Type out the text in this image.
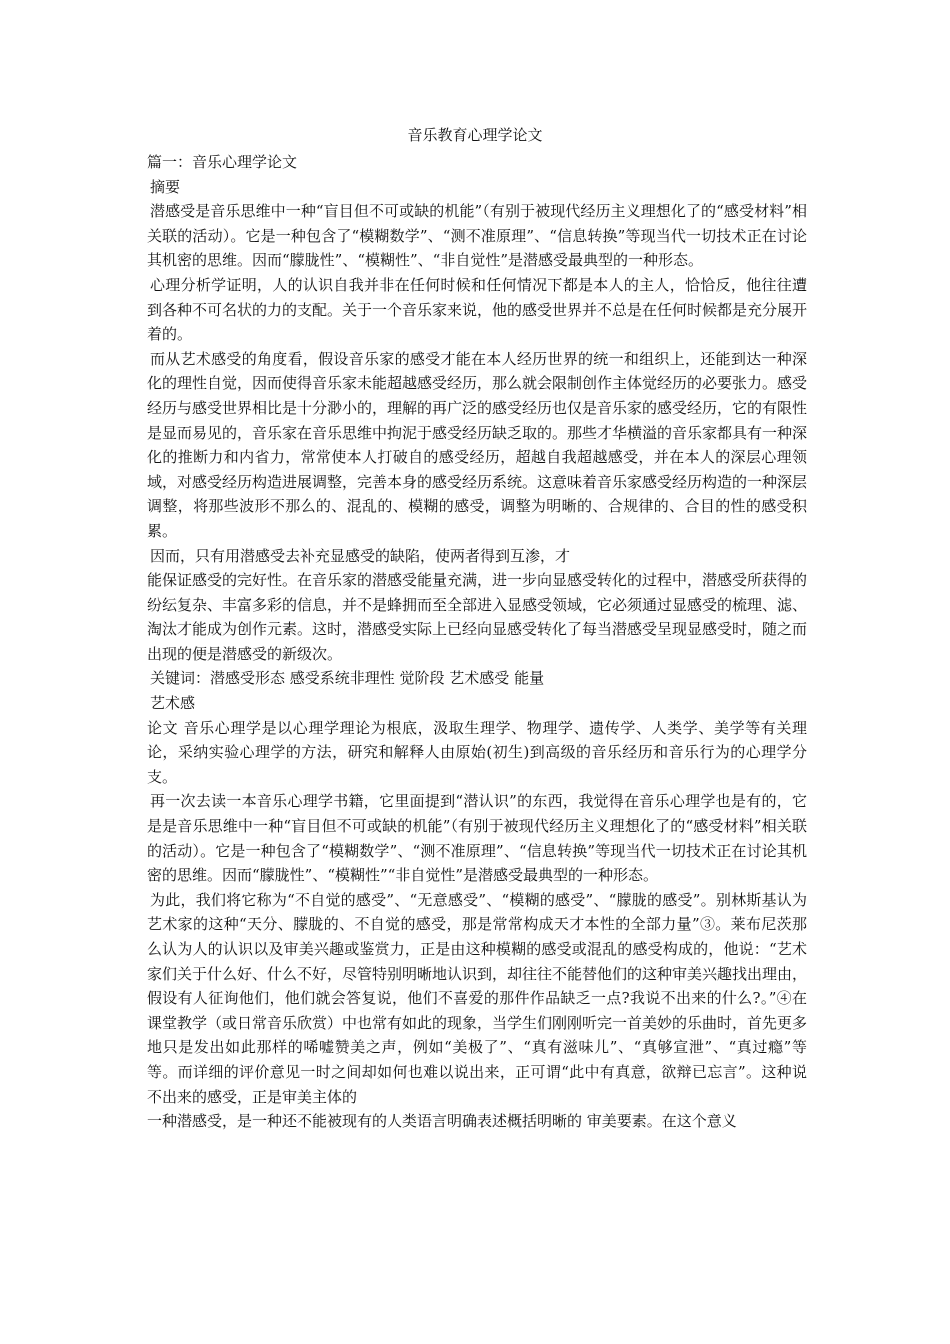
音乐教育心理学论文

篇一：音乐心理学论文

摘要

潜感受是音乐思维中一种“盲目但不可或缺的机能”（有别于被现代经历主义理想化了的“感受材料”相关联的活动）。它是一种包含了“模糊数学”、“测不准原理”、“信息转换”等现当代一切技术正在讨论其机密的思维。因而“朦胧性”、“模糊性”、“非自觉性”是潜感受最典型的一种形态。

心理分析学证明，人的认识自我并非在任何时候和任何情况下都是本人的主人，恰恰反，他往往遭到各种不可名状的力的支配。关于一个音乐家来说，他的感受世界并不总是在任何时候都是充分展开着的。

而从艺术感受的角度看，假设音乐家的感受才能在本人经历世界的统一和组织上，还能到达一种深化的理性自觉，因而使得音乐家未能超越感受经历，那么就会限制创作主体觉经历的必要张力。感受经历与感受世界相比是十分渺小的，理解的再广泛的感受经历也仅是音乐家的感受经历，它的有限性是显而易见的，音乐家在音乐思维中拘泥于感受经历缺乏取的。那些才华横溢的音乐家都具有一种深化的推断力和内省力，常常使本人打破自的感受经历，超越自我超越感受，并在本人的深层心理领域，对感受经历构造进展调整，完善本身的感受经历系统。这意味着音乐家感受经历构造的一种深层调整，将那些波形不那么的、混乱的、模糊的感受，调整为明晰的、合规律的、合目的性的感受积累。

因而，只有用潜感受去补充显感受的缺陷，使两者得到互渗，才

能保证感受的完好性。在音乐家的潜感受能量充满，进一步向显感受转化的过程中，潜感受所获得的纷纭复杂、丰富多彩的信息，并不是蜂拥而至全部进入显感受领域，它必须通过显感受的梳理、滤、淘汰才能成为创作元素。这时，潜感受实际上已经向显感受转化了每当潜感受呈现显感受时，随之而出现的便是潜感受的新级次。

关键词：潜感受形态 感受系统非理性 觉阶段 艺术感受 能量

艺术感

论文 音乐心理学是以心理学理论为根底，汲取生理学、物理学、遗传学、人类学、美学等有关理论，采纳实验心理学的方法，研究和解释人由原始(初生)到高级的音乐经历和音乐行为的心理学分支。

再一次去读一本音乐心理学书籍，它里面提到“潜认识”的东西，我觉得在音乐心理学也是有的，它是是音乐思维中一种“盲目但不可或缺的机能”（有别于被现代经历主义理想化了的“感受材料”相关联的活动）。它是一种包含了“模糊数学”、“测不准原理”、“信息转换”等现当代一切技术正在讨论其机密的思维。因而“朦胧性”、“模糊性”“非自觉性”是潜感受最典型的一种形态。

为此，我们将它称为“不自觉的感受”、“无意感受”、“模糊的感受”、“朦胧的感受”。别林斯基认为艺术家的这种“天分、朦胧的、不自觉的感受，那是常常构成天才本性的全部力量”③。莱布尼茨那么认为人的认识以及审美兴趣或鉴赏力，正是由这种模糊的感受或混乱的感受构成的，他说：“艺术家们关于什么好、什么不好，尽管特别明晰地认识到，却往往不能替他们的这种审美兴趣找出理由，假设有人征询他们，他们就会答复说，他们不喜爱的那件作品缺乏一点?我说不出来的什么?。”④在课堂教学（或日常音乐欣赏）中也常有如此的现象，当学生们刚刚听完一首美妙的乐曲时，首先更多地只是发出如此那样的唏嘘赞美之声，例如“美极了”、“真有滋味儿”、“真够宣泄”、“真过瘾”等等。而详细的评价意见一时之间却如何也难以说出来，正可谓“此中有真意，欲辩已忘言”。这种说不出来的感受，正是审美主体的

一种潜感受，是一种还不能被现有的人类语言明确表述概括明晰的 审美要素。在这个意义
